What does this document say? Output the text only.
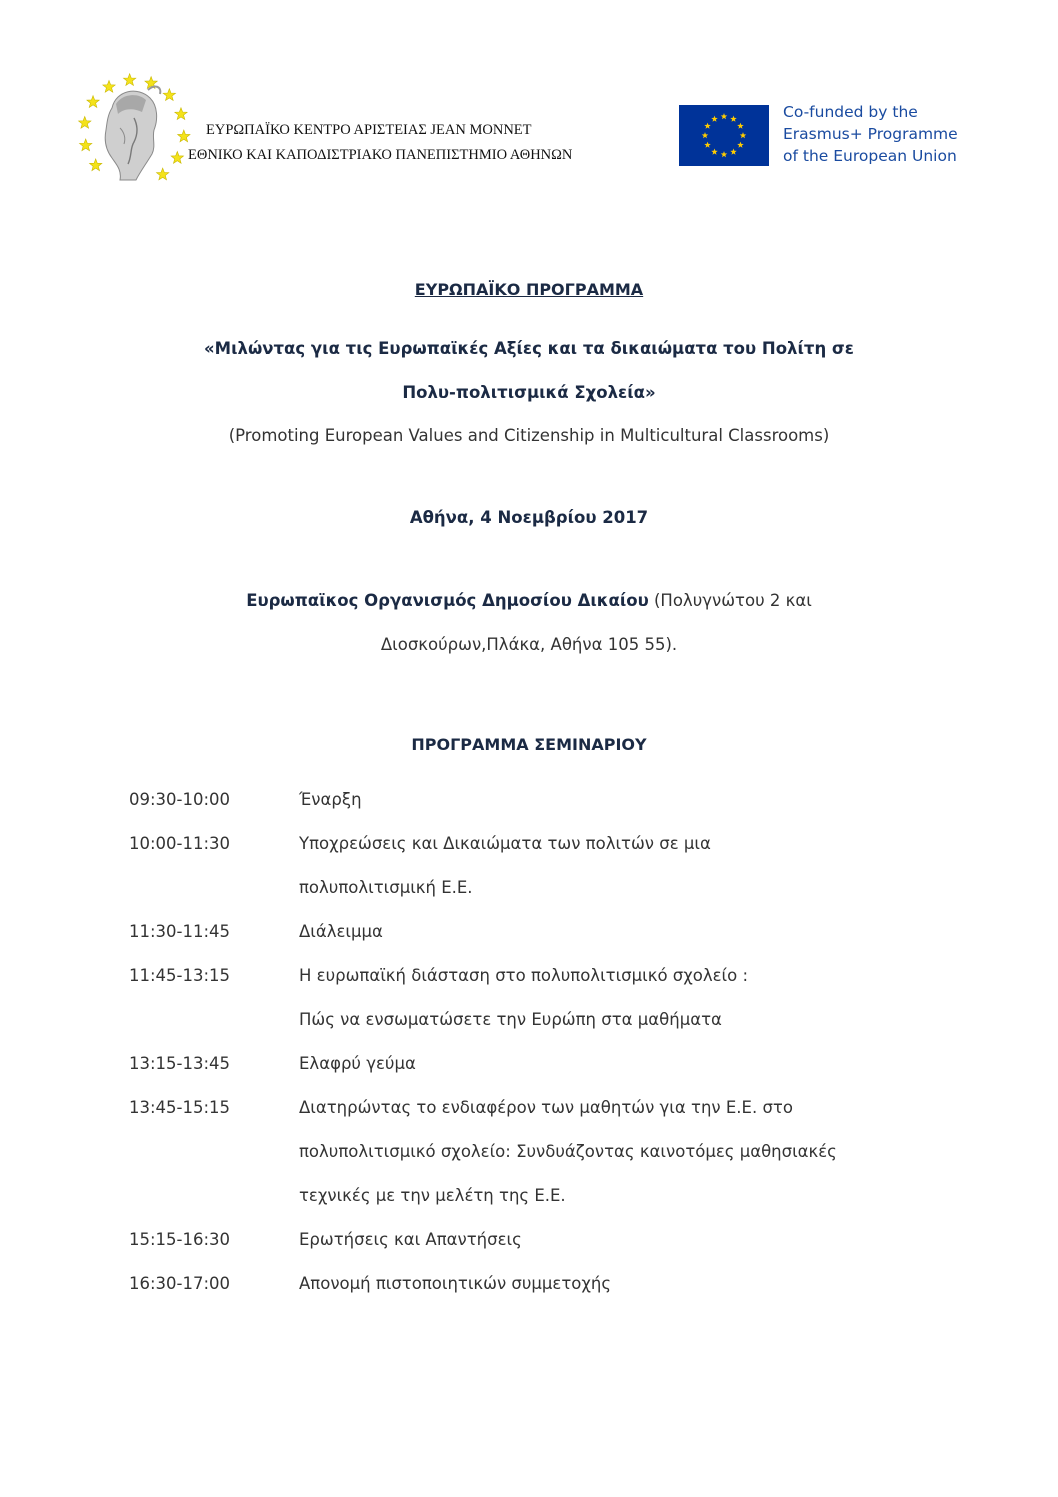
ΕΥΡΩΠΑΪΚΟ ΚΕΝΤΡΟ ΑΡΙΣΤΕΙΑΣ JEAN MONNET
ΕΘΝΙΚΟ ΚΑΙ ΚΑΠΟΔΙΣΤΡΙΑΚΟ ΠΑΝΕΠΙΣΤΗΜΙΟ ΑΘΗΝΩΝ
Co-funded by the
Erasmus+ Programme
of the European Union
ΕΥΡΩΠΑΪΚΟ ΠΡΟΓΡΑΜΜΑ
«Μιλώντας για τις Ευρωπαϊκές Αξίες και τα δικαιώματα του Πολίτη σε
Πολυ-πολιτισμικά Σχολεία»
(Promoting European Values and Citizenship in Multicultural Classrooms)
Αθήνα, 4 Νοεμβρίου 2017
Ευρωπαϊκος Οργανισμός Δημοσίου Δικαίου (Πολυγνώτου 2 και
Διοσκούρων,Πλάκα, Αθήνα 105 55).
ΠΡΟΓΡΑΜΜΑ ΣΕΜΙΝΑΡΙΟΥ
09:30-10:00	Έναρξη
10:00-11:30	Υποχρεώσεις και Δικαιώματα των πολιτών σε μια
πολυπολιτισμική Ε.Ε.
11:30-11:45	Διάλειμμα
11:45-13:15	Η ευρωπαϊκή διάσταση στο πολυπολιτισμικό σχολείο :
Πώς να ενσωματώσετε την Ευρώπη στα μαθήματα
13:15-13:45	Ελαφρύ γεύμα
13:45-15:15	Διατηρώντας το ενδιαφέρον των μαθητών για την Ε.Ε. στο
πολυπολιτισμικό σχολείο: Συνδυάζοντας καινοτόμες μαθησιακές
τεχνικές με την μελέτη της Ε.Ε.
15:15-16:30	Ερωτήσεις και Απαντήσεις
16:30-17:00	Απονομή πιστοποιητικών συμμετοχής
